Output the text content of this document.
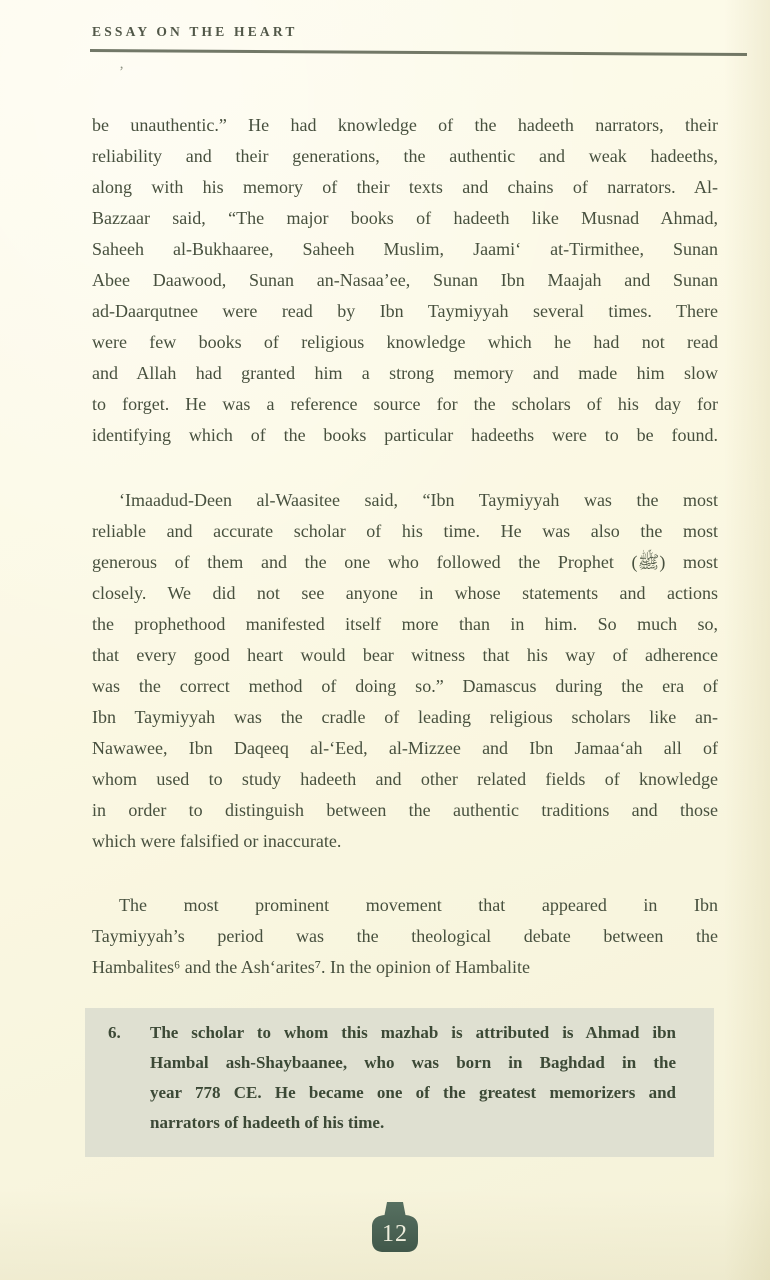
ESSAY ON THE HEART
’
be unauthentic.” He had knowledge of the hadeeth narrators, their
reliability and their generations, the authentic and weak hadeeths,
along with his memory of their texts and chains of narrators. Al-
Bazzaar said, “The major books of hadeeth like Musnad Ahmad,
Saheeh al-Bukhaaree, Saheeh Muslim, Jaami‘ at-Tirmithee, Sunan
Abee Daawood, Sunan an-Nasaa’ee, Sunan Ibn Maajah and Sunan
ad-Daarqutnee were read by Ibn Taymiyyah several times. There
were few books of religious knowledge which he had not read
and Allah had granted him a strong memory and made him slow
to forget. He was a reference source for the scholars of his day for
identifying which of the books particular hadeeths were to be found.
‘Imaadud-Deen al-Waasitee said, “Ibn Taymiyyah was the most
reliable and accurate scholar of his time. He was also the most
generous of them and the one who followed the Prophet (ﷺ) most
closely. We did not see anyone in whose statements and actions
the prophethood manifested itself more than in him. So much so,
that every good heart would bear witness that his way of adherence
was the correct method of doing so.” Damascus during the era of
Ibn Taymiyyah was the cradle of leading religious scholars like an-
Nawawee, Ibn Daqeeq al-‘Eed, al-Mizzee and Ibn Jamaa‘ah all of
whom used to study hadeeth and other related fields of knowledge
in order to distinguish between the authentic traditions and those
which were falsified or inaccurate.
The most prominent movement that appeared in Ibn
Taymiyyah’s period was the theological debate between the
Hambalites⁶ and the Ash‘arites⁷. In the opinion of Hambalite
6.	The scholar to whom this mazhab is attributed is Ahmad ibn
Hambal ash-Shaybaanee, who was born in Baghdad in the
year 778 CE. He became one of the greatest memorizers and
narrators of hadeeth of his time.
12
